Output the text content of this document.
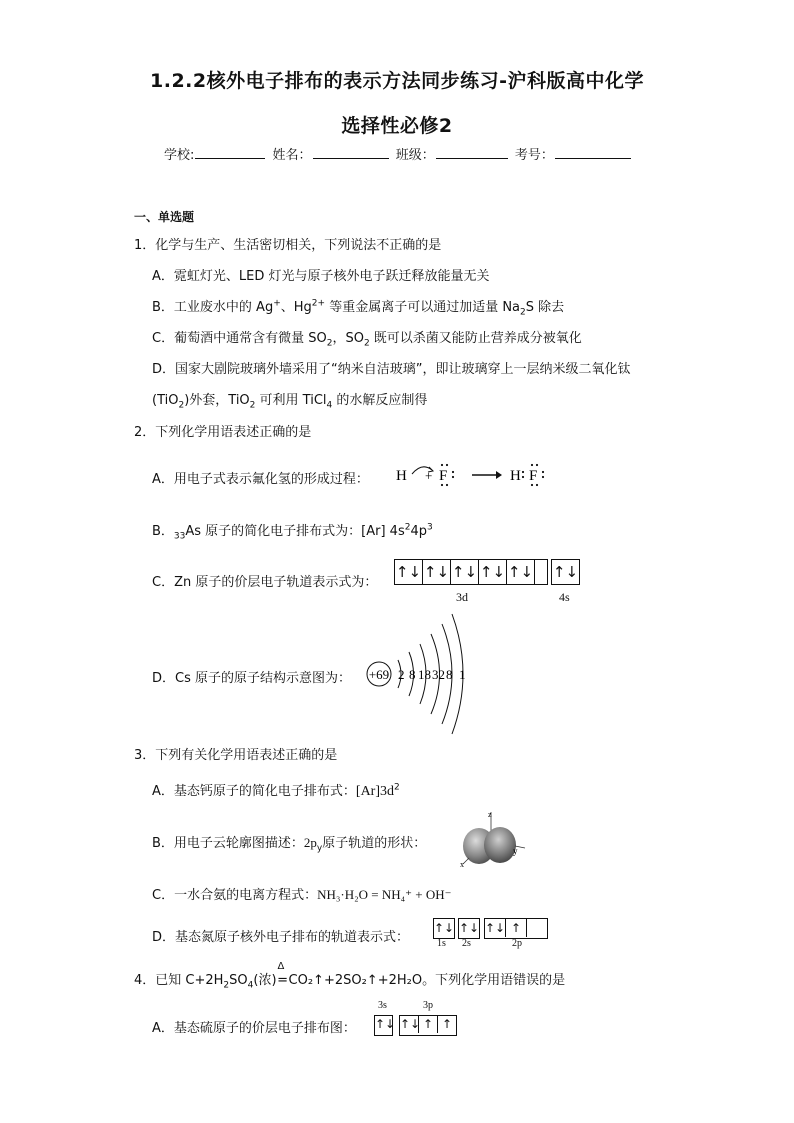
1.2.2核外电子排布的表示方法同步练习-沪科版高中化学
选择性必修2
学校:	姓名：	班级：	考号：
一、单选题
1．化学与生产、生活密切相关，下列说法不正确的是
A．霓虹灯光、LED 灯光与原子核外电子跃迁释放能量无关
B．工业废水中的 Ag+、$Hg^{2+}$ 等重金属离子可以通过加适量 $Na_2S$ 除去
C．葡萄酒中通常含有微量 $SO_2$，$SO_2$ 既可以杀菌又能防止营养成分被氧化
D．国家大剧院玻璃外墙采用了“纳米自洁玻璃”，即让玻璃穿上一层纳米级二氧化钛
(TiO$_2$)外套，TiO$_2$ 可利用 TiCl$_4$ 的水解反应制得
2．下列化学用语表述正确的是
A．用电子式表示氟化氢的形成过程： H + F	H F
B．$_{33}$As 原子的简化电子排布式为：[Ar] $4s^24p^3$
C．Zn 原子的价层电子轨道表示式为：
↑↓ ↑↓ ↑↓ ↑↓ ↑↓	↑↓
3d	4s
D．Cs 原子的原子结构示意图为： +69 2 8 18 32 8 1
3．下列有关化学用语表述正确的是
A．基态钙原子的简化电子排布式：$[Ar]3d^2$
B．用电子云轮廓图描述：$2p_y$原子轨道的形状：
z
y
x
C．一水合氨的电离方程式：NH₃·H₂O = NH₄⁺ + OH⁻
D．基态氮原子核外电子排布的轨道表示式：
↑↓ ↑↓ ↑↓ ↑
1s 2s	2p
4．已知 $C+2H_2SO_4$(浓)
Δ
=CO₂↑+2SO₂↑+2H₂O。下列化学用语错误的是
A．基态硫原子的价层电子排布图：
3s	3p
↑↓ ↑↓ ↑ ↑
